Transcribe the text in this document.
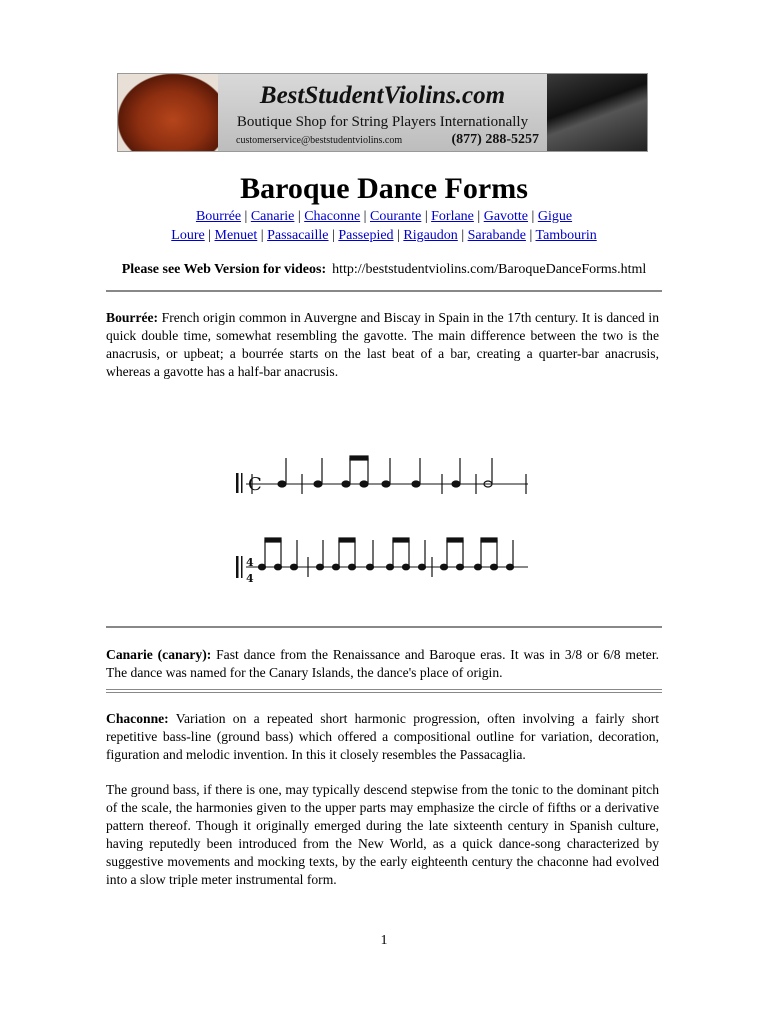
BestStudentViolins.com
Boutique Shop for String Players Internationally
customerservice@beststudentviolins.com	(877) 288-5257
Baroque Dance Forms
Bourrée | Canarie | Chaconne | Courante | Forlane | Gavotte | Gigue
Loure | Menuet | Passacaille | Passepied | Rigaudon | Sarabande | Tambourin
Please see Web Version for videos: http://beststudentviolins.com/BaroqueDanceForms.html

Bourrée: French origin common in Auvergne and Biscay in Spain in the 17th century. It is danced in quick double time, somewhat resembling the gavotte. The main difference between the two is the anacrusis, or upbeat; a bourrée starts on the last beat of a bar, creating a quarter-bar anacrusis, whereas a gavotte has a half-bar anacrusis.

C
4
4

Canarie (canary): Fast dance from the Renaissance and Baroque eras. It was in 3/8 or 6/8 meter. The dance was named for the Canary Islands, the dance's place of origin.

Chaconne: Variation on a repeated short harmonic progression, often involving a fairly short repetitive bass-line (ground bass) which offered a compositional outline for variation, decoration, figuration and melodic invention. In this it closely resembles the Passacaglia.

The ground bass, if there is one, may typically descend stepwise from the tonic to the dominant pitch of the scale, the harmonies given to the upper parts may emphasize the circle of fifths or a derivative pattern thereof. Though it originally emerged during the late sixteenth century in Spanish culture, having reputedly been introduced from the New World, as a quick dance-song characterized by suggestive movements and mocking texts, by the early eighteenth century the chaconne had evolved into a slow triple meter instrumental form.

1
